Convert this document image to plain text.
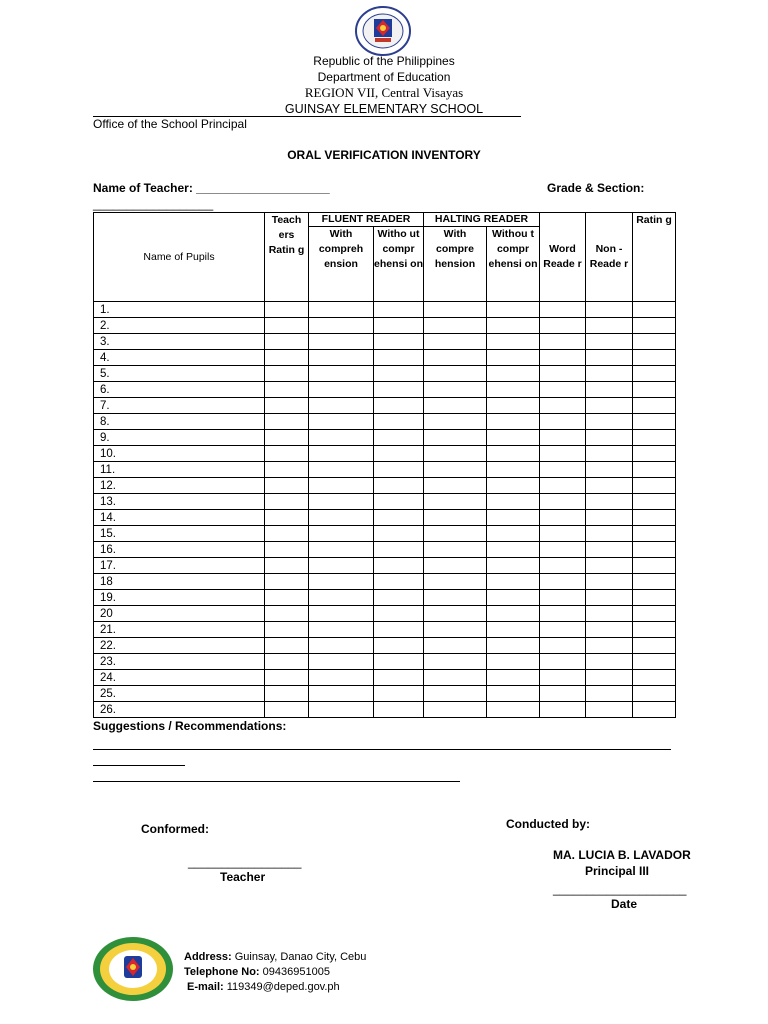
Republic of the Philippines
Department of Education
REGION VII, Central Visayas
GUINSAY ELEMENTARY SCHOOL
Office of the School Principal
ORAL VERIFICATION INVENTORY
Name of Teacher: ____________________	Grade & Section:
__________________
Name of Pupils	Teach ers Ratin g	FLUENT READER		HALTING READER		Word Reade r	Non - Reade r	Ratin g
		With compreh ension	Witho ut compr ehensi on	With compre hension	Withou t compr ehensi on			
1.								
2.								
3.								
4.								
5.								
6.								
7.								
8.								
9.								
10.								
11.								
12.								
13.								
14.								
15.								
16.								
17.								
18								
19.								
20								
21.								
22.								
23.								
24.								
25.								
26.								
Suggestions / Recommendations:
Conformed:
_________________
Teacher
Conducted by:
MA. LUCIA B. LAVADOR
Principal III
____________________
Date
Address: Guinsay, Danao City, Cebu
Telephone No: 09436951005
E-mail: 119349@deped.gov.ph
